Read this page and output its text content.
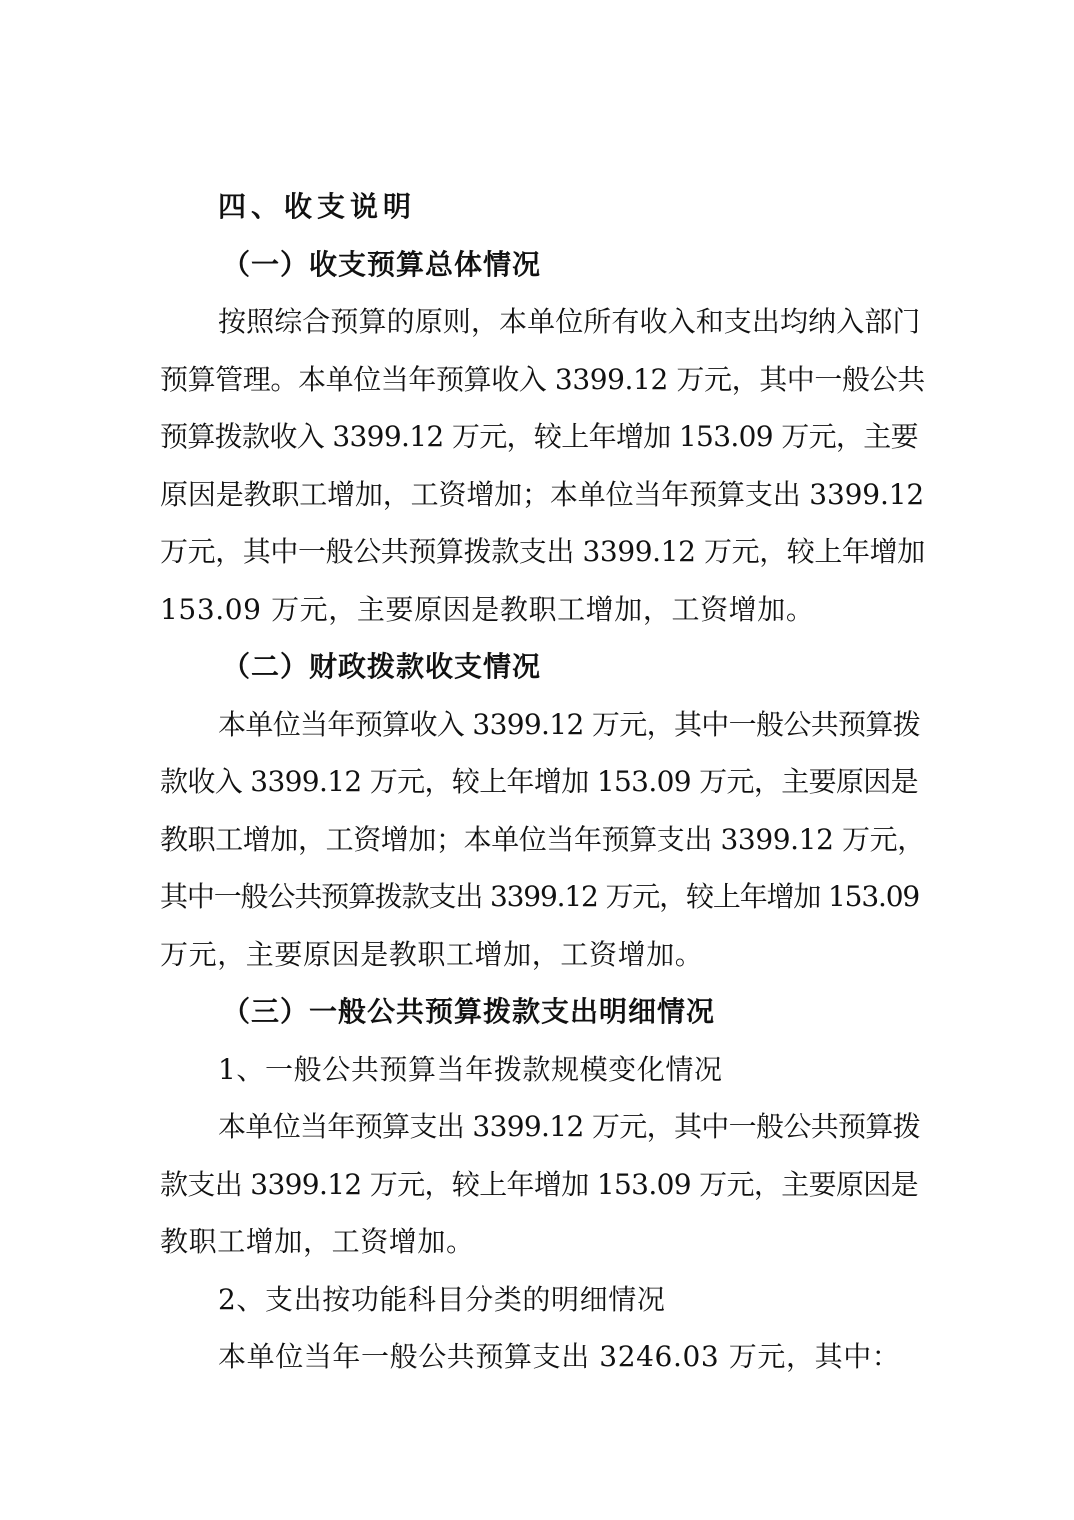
四、收支说明
（一）收支预算总体情况
按照综合预算的原则，本单位所有收入和支出均纳入部门
预算管理。本单位当年预算收入 3399.12 万元，其中一般公共
预算拨款收入 3399.12 万元，较上年增加 153.09 万元，主要
原因是教职工增加，工资增加；本单位当年预算支出 3399.12
万元，其中一般公共预算拨款支出 3399.12 万元，较上年增加
153.09 万元，主要原因是教职工增加，工资增加。
（二）财政拨款收支情况
本单位当年预算收入 3399.12 万元，其中一般公共预算拨
款收入 3399.12 万元，较上年增加 153.09 万元，主要原因是
教职工增加，工资增加；本单位当年预算支出 3399.12 万元，
其中一般公共预算拨款支出 3399.12 万元，较上年增加 153.09
万元，主要原因是教职工增加，工资增加。
（三）一般公共预算拨款支出明细情况
1、一般公共预算当年拨款规模变化情况
本单位当年预算支出 3399.12 万元，其中一般公共预算拨
款支出 3399.12 万元，较上年增加 153.09 万元，主要原因是
教职工增加，工资增加。
2、支出按功能科目分类的明细情况
本单位当年一般公共预算支出 3246.03 万元，其中：
